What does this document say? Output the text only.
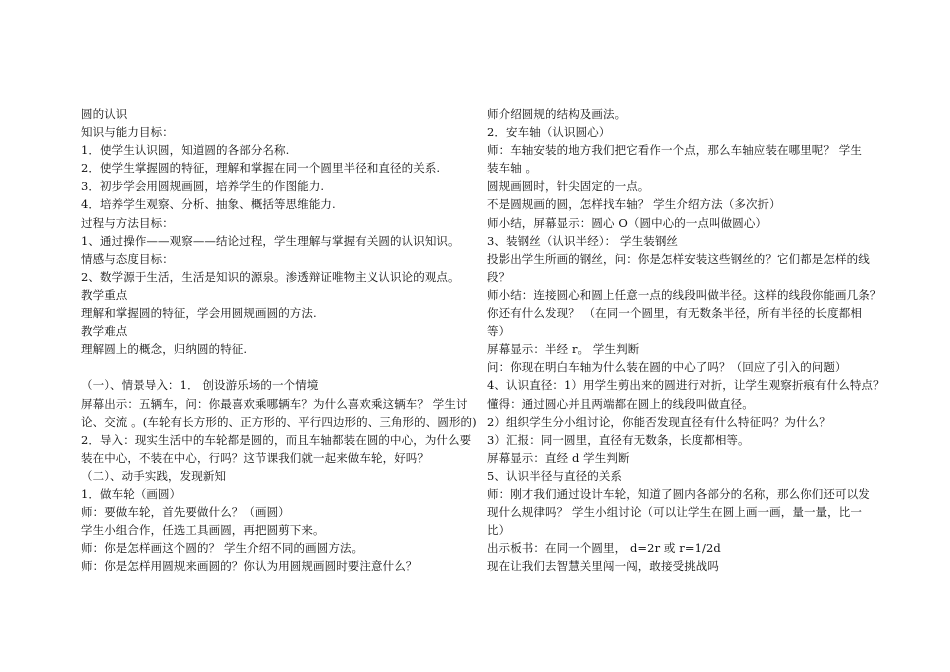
圆的认识
知识与能力目标：
1．使学生认识圆，知道圆的各部分名称.
2．使学生掌握圆的特征，理解和掌握在同一个圆里半径和直径的关系.
3．初步学会用圆规画圆，培养学生的作图能力.
4．培养学生观察、分析、抽象、概括等思维能力.
过程与方法目标：
1、通过操作——观察——结论过程，学生理解与掌握有关圆的认识知识。
情感与态度目标：
2、数学源于生活，生活是知识的源泉。渗透辩证唯物主义认识论的观点。
教学重点
理解和掌握圆的特征，学会用圆规画圆的方法.
教学难点
理解圆上的概念，归纳圆的特征.
（一）、情景导入：1． 创设游乐场的一个情境
屏幕出示：五辆车，问：你最喜欢乘哪辆车？为什么喜欢乘这辆车？ 学生讨
论、交流 。(车轮有长方形的、正方形的、平行四边形的、三角形的、圆形的)
2．导入：现实生活中的车轮都是圆的，而且车轴都装在圆的中心，为什么要
装在中心，不装在中心，行吗？这节课我们就一起来做车轮，好吗？
（二）、动手实践，发现新知
1．做车轮（画圆）
师：要做车轮，首先要做什么？（画圆）
学生小组合作，任选工具画圆，再把圆剪下来。
师：你是怎样画这个圆的？ 学生介绍不同的画圆方法。
师：你是怎样用圆规来画圆的？你认为用圆规画圆时要注意什么？
师介绍圆规的结构及画法。
2．安车轴（认识圆心）
师：车轴安装的地方我们把它看作一个点，那么车轴应装在哪里呢？ 学生
装车轴 。
圆规画圆时，针尖固定的一点。
不是圆规画的圆，怎样找车轴？ 学生介绍方法（多次折）
师小结，屏幕显示：圆心 O（圆中心的一点叫做圆心）
3、装钢丝（认识半经）： 学生装钢丝
投影出学生所画的钢丝，问：你是怎样安装这些钢丝的？它们都是怎样的线
段？
师小结：连接圆心和圆上任意一点的线段叫做半径。这样的线段你能画几条？
你还有什么发现？ （在同一个圆里，有无数条半径，所有半径的长度都相
等）
屏幕显示：半经 r。 学生判断
问：你现在明白车轴为什么装在圆的中心了吗？（回应了引入的问题）
4、认识直径：1）用学生剪出来的圆进行对折，让学生观察折痕有什么特点？
懂得：通过圆心并且两端都在圆上的线段叫做直径。
2）组织学生分小组讨论，你能否发现直径有什么特征吗？为什么？
3）汇报：同一圆里，直径有无数条，长度都相等。
屏幕显示：直经 d 学生判断
5、认识半径与直径的关系
师：刚才我们通过设计车轮，知道了圆内各部分的名称，那么你们还可以发
现什么规律吗？ 学生小组讨论（可以让学生在圆上画一画，量一量，比一
比）
出示板书：在同一个圆里， d=2r 或 r=1/2d
现在让我们去智慧关里闯一闯，敢接受挑战吗
